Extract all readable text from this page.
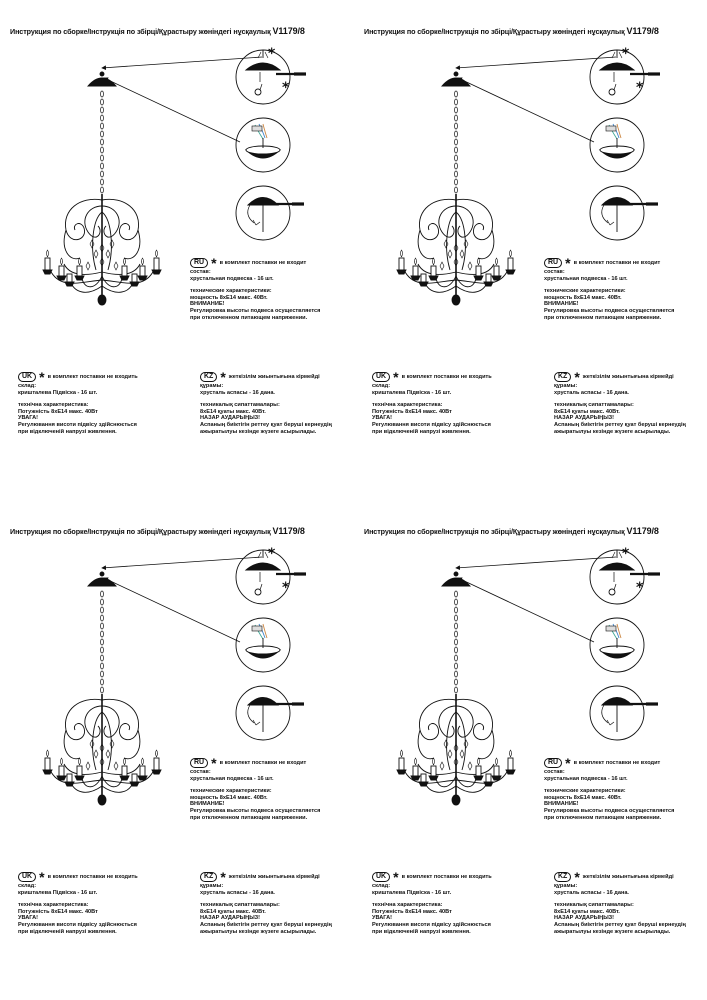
Инструкция по сборке/Інструкція по збірці/Құрастыру жөніндегі нұсқаулық V1179/8
*
*
RU * в комплект поставки не входит
состав:
хрустальная подвеска - 16 шт.
технические характеристики:
мощность 8xE14 макс. 40Вт.
ВНИМАНИЕ!
Регулировка высоты подвеса осуществляется
при отключенном питающем напряжении.
UK * в комплект поставки не входить
склад:
кришталева Підвіска - 16 шт.
технічна характеристика:
Потужність 8xE14 макс. 40Вт
УВАГА!
Регулювання висоти підвісу здійснюється
при відключеній напрузі живлення.
KZ * жеткізілім жиынтығына кірмейді
құрамы:
хрусталь аспасы - 16 дана.
техникалық сипаттамалары:
8xE14 қуаты макс. 40Вт.
НАЗАР АУДАРЫҢЫЗ!
Аспаның биіктігін реттеу қуат беруші кернеудің
ажыратылуы кезінде жүзеге асырылады.
Инструкция по сборке/Інструкція по збірці/Құрастыру жөніндегі нұсқаулық V1179/8
*
*
RU * в комплект поставки не входит
состав:
хрустальная подвеска - 16 шт.
технические характеристики:
мощность 8xE14 макс. 40Вт.
ВНИМАНИЕ!
Регулировка высоты подвеса осуществляется
при отключенном питающем напряжении.
UK * в комплект поставки не входить
склад:
кришталева Підвіска - 16 шт.
технічна характеристика:
Потужність 8xE14 макс. 40Вт
УВАГА!
Регулювання висоти підвісу здійснюється
при відключеній напрузі живлення.
KZ * жеткізілім жиынтығына кірмейді
құрамы:
хрусталь аспасы - 16 дана.
техникалық сипаттамалары:
8xE14 қуаты макс. 40Вт.
НАЗАР АУДАРЫҢЫЗ!
Аспаның биіктігін реттеу қуат беруші кернеудің
ажыратылуы кезінде жүзеге асырылады.
Инструкция по сборке/Інструкція по збірці/Құрастыру жөніндегі нұсқаулық V1179/8
*
*
RU * в комплект поставки не входит
состав:
хрустальная подвеска - 16 шт.
технические характеристики:
мощность 8xE14 макс. 40Вт.
ВНИМАНИЕ!
Регулировка высоты подвеса осуществляется
при отключенном питающем напряжении.
UK * в комплект поставки не входить
склад:
кришталева Підвіска - 16 шт.
технічна характеристика:
Потужність 8xE14 макс. 40Вт
УВАГА!
Регулювання висоти підвісу здійснюється
при відключеній напрузі живлення.
KZ * жеткізілім жиынтығына кірмейді
құрамы:
хрусталь аспасы - 16 дана.
техникалық сипаттамалары:
8xE14 қуаты макс. 40Вт.
НАЗАР АУДАРЫҢЫЗ!
Аспаның биіктігін реттеу қуат беруші кернеудің
ажыратылуы кезінде жүзеге асырылады.
Инструкция по сборке/Інструкція по збірці/Құрастыру жөніндегі нұсқаулық V1179/8
*
*
RU * в комплект поставки не входит
состав:
хрустальная подвеска - 16 шт.
технические характеристики:
мощность 8xE14 макс. 40Вт.
ВНИМАНИЕ!
Регулировка высоты подвеса осуществляется
при отключенном питающем напряжении.
UK * в комплект поставки не входить
склад:
кришталева Підвіска - 16 шт.
технічна характеристика:
Потужність 8xE14 макс. 40Вт
УВАГА!
Регулювання висоти підвісу здійснюється
при відключеній напрузі живлення.
KZ * жеткізілім жиынтығына кірмейді
құрамы:
хрусталь аспасы - 16 дана.
техникалық сипаттамалары:
8xE14 қуаты макс. 40Вт.
НАЗАР АУДАРЫҢЫЗ!
Аспаның биіктігін реттеу қуат беруші кернеудің
ажыратылуы кезінде жүзеге асырылады.
